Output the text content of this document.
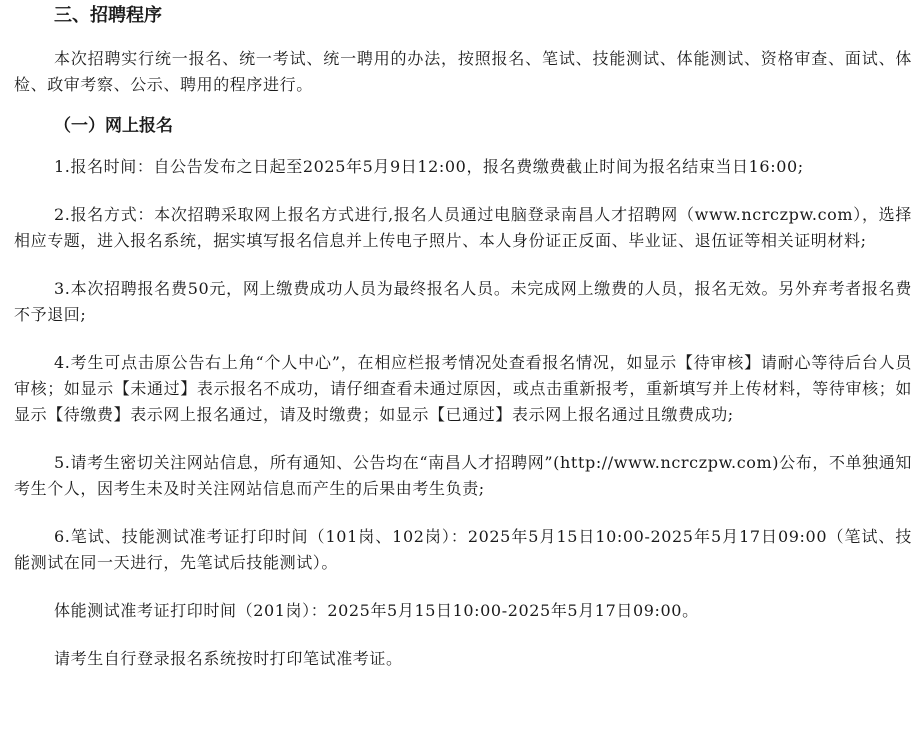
三、招聘程序

本次招聘实行统一报名、统一考试、统一聘用的办法，按照报名、笔试、技能测试、体能测试、资格审查、面试、体检、政审考察、公示、聘用的程序进行。

（一）网上报名

1.报名时间：自公告发布之日起至2025年5月9日12:00，报名费缴费截止时间为报名结束当日16:00;

2.报名方式：本次招聘采取网上报名方式进行,报名人员通过电脑登录南昌人才招聘网（www.ncrczpw.com），选择相应专题，进入报名系统，据实填写报名信息并上传电子照片、本人身份证正反面、毕业证、退伍证等相关证明材料;

3.本次招聘报名费50元，网上缴费成功人员为最终报名人员。未完成网上缴费的人员，报名无效。另外弃考者报名费不予退回;

4.考生可点击原公告右上角“个人中心”，在相应栏报考情况处查看报名情况，如显示【待审核】请耐心等待后台人员审核；如显示【未通过】表示报名不成功，请仔细查看未通过原因，或点击重新报考，重新填写并上传材料，等待审核；如显示【待缴费】表示网上报名通过，请及时缴费；如显示【已通过】表示网上报名通过且缴费成功;

5.请考生密切关注网站信息，所有通知、公告均在“南昌人才招聘网”(http://www.ncrczpw.com)公布，不单独通知考生个人，因考生未及时关注网站信息而产生的后果由考生负责;

6.笔试、技能测试准考证打印时间（101岗、102岗）：2025年5月15日10:00-2025年5月17日09:00（笔试、技能测试在同一天进行，先笔试后技能测试）。

体能测试准考证打印时间（201岗）：2025年5月15日10:00-2025年5月17日09:00。

请考生自行登录报名系统按时打印笔试准考证。
